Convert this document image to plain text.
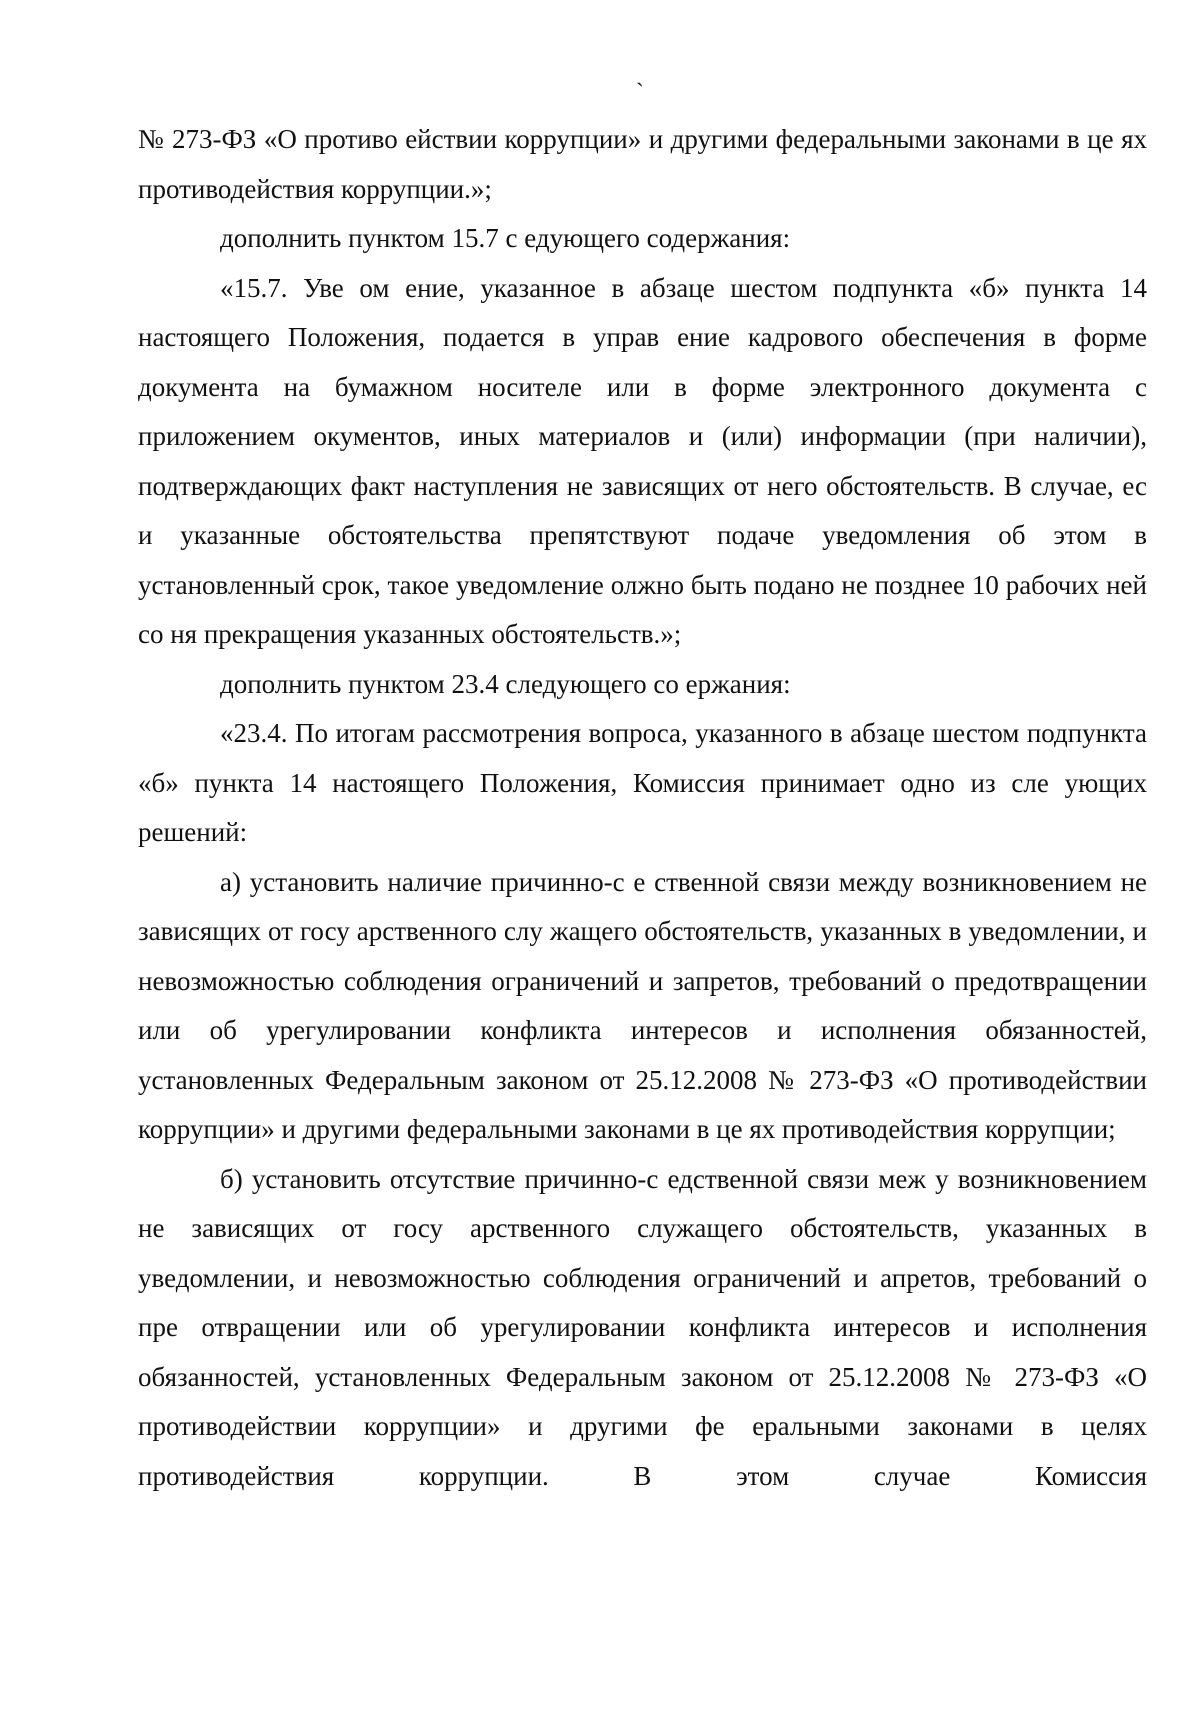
`

№ 273-ФЗ «О противо ействии коррупции» и другими федеральными законами в це ях противодействия коррупции.»;

дополнить пунктом 15.7 с едующего содержания:

«15.7. Уве ом ение, указанное в абзаце шестом подпункта «б» пункта 14 настоящего Положения, подается в управ ение кадрового обеспечения в форме документа на бумажном носителе или в форме электронного документа с приложением окументов, иных материалов и (или) информации (при наличии), подтверждающих факт наступления не зависящих от него обстоятельств. В случае, ес и указанные обстоятельства препятствуют подаче уведомления об этом в установленный срок, такое уведомление олжно быть подано не позднее 10 рабочих ней со ня прекращения указанных обстоятельств.»;

дополнить пунктом 23.4 следующего со ержания:

«23.4. По итогам рассмотрения вопроса, указанного в абзаце шестом подпункта «б» пункта 14 настоящего Положения, Комиссия принимает одно из сле ующих решений:

а) установить наличие причинно-с е ственной связи между возникновением не зависящих от госу арственного слу жащего обстоятельств, указанных в уведомлении, и невозможностью соблюдения ограничений и запретов, требований о предотвращении или об урегулировании конфликта интересов и исполнения обязанностей, установленных Федеральным законом от 25.12.2008 № 273-ФЗ «О противодействии коррупции» и другими федеральными законами в це ях противодействия коррупции;

б) установить отсутствие причинно-с едственной связи меж у возникновением не зависящих от госу арственного служащего обстоятельств, указанных в уведомлении, и невозможностью соблюдения ограничений и апретов, требований о пре отвращении или об урегулировании конфликта интересов и исполнения обязанностей, установленных Федеральным законом от 25.12.2008 № 273-ФЗ «О противодействии коррупции» и другими фе еральными законами в целях противодействия коррупции. В этом случае Комиссия
